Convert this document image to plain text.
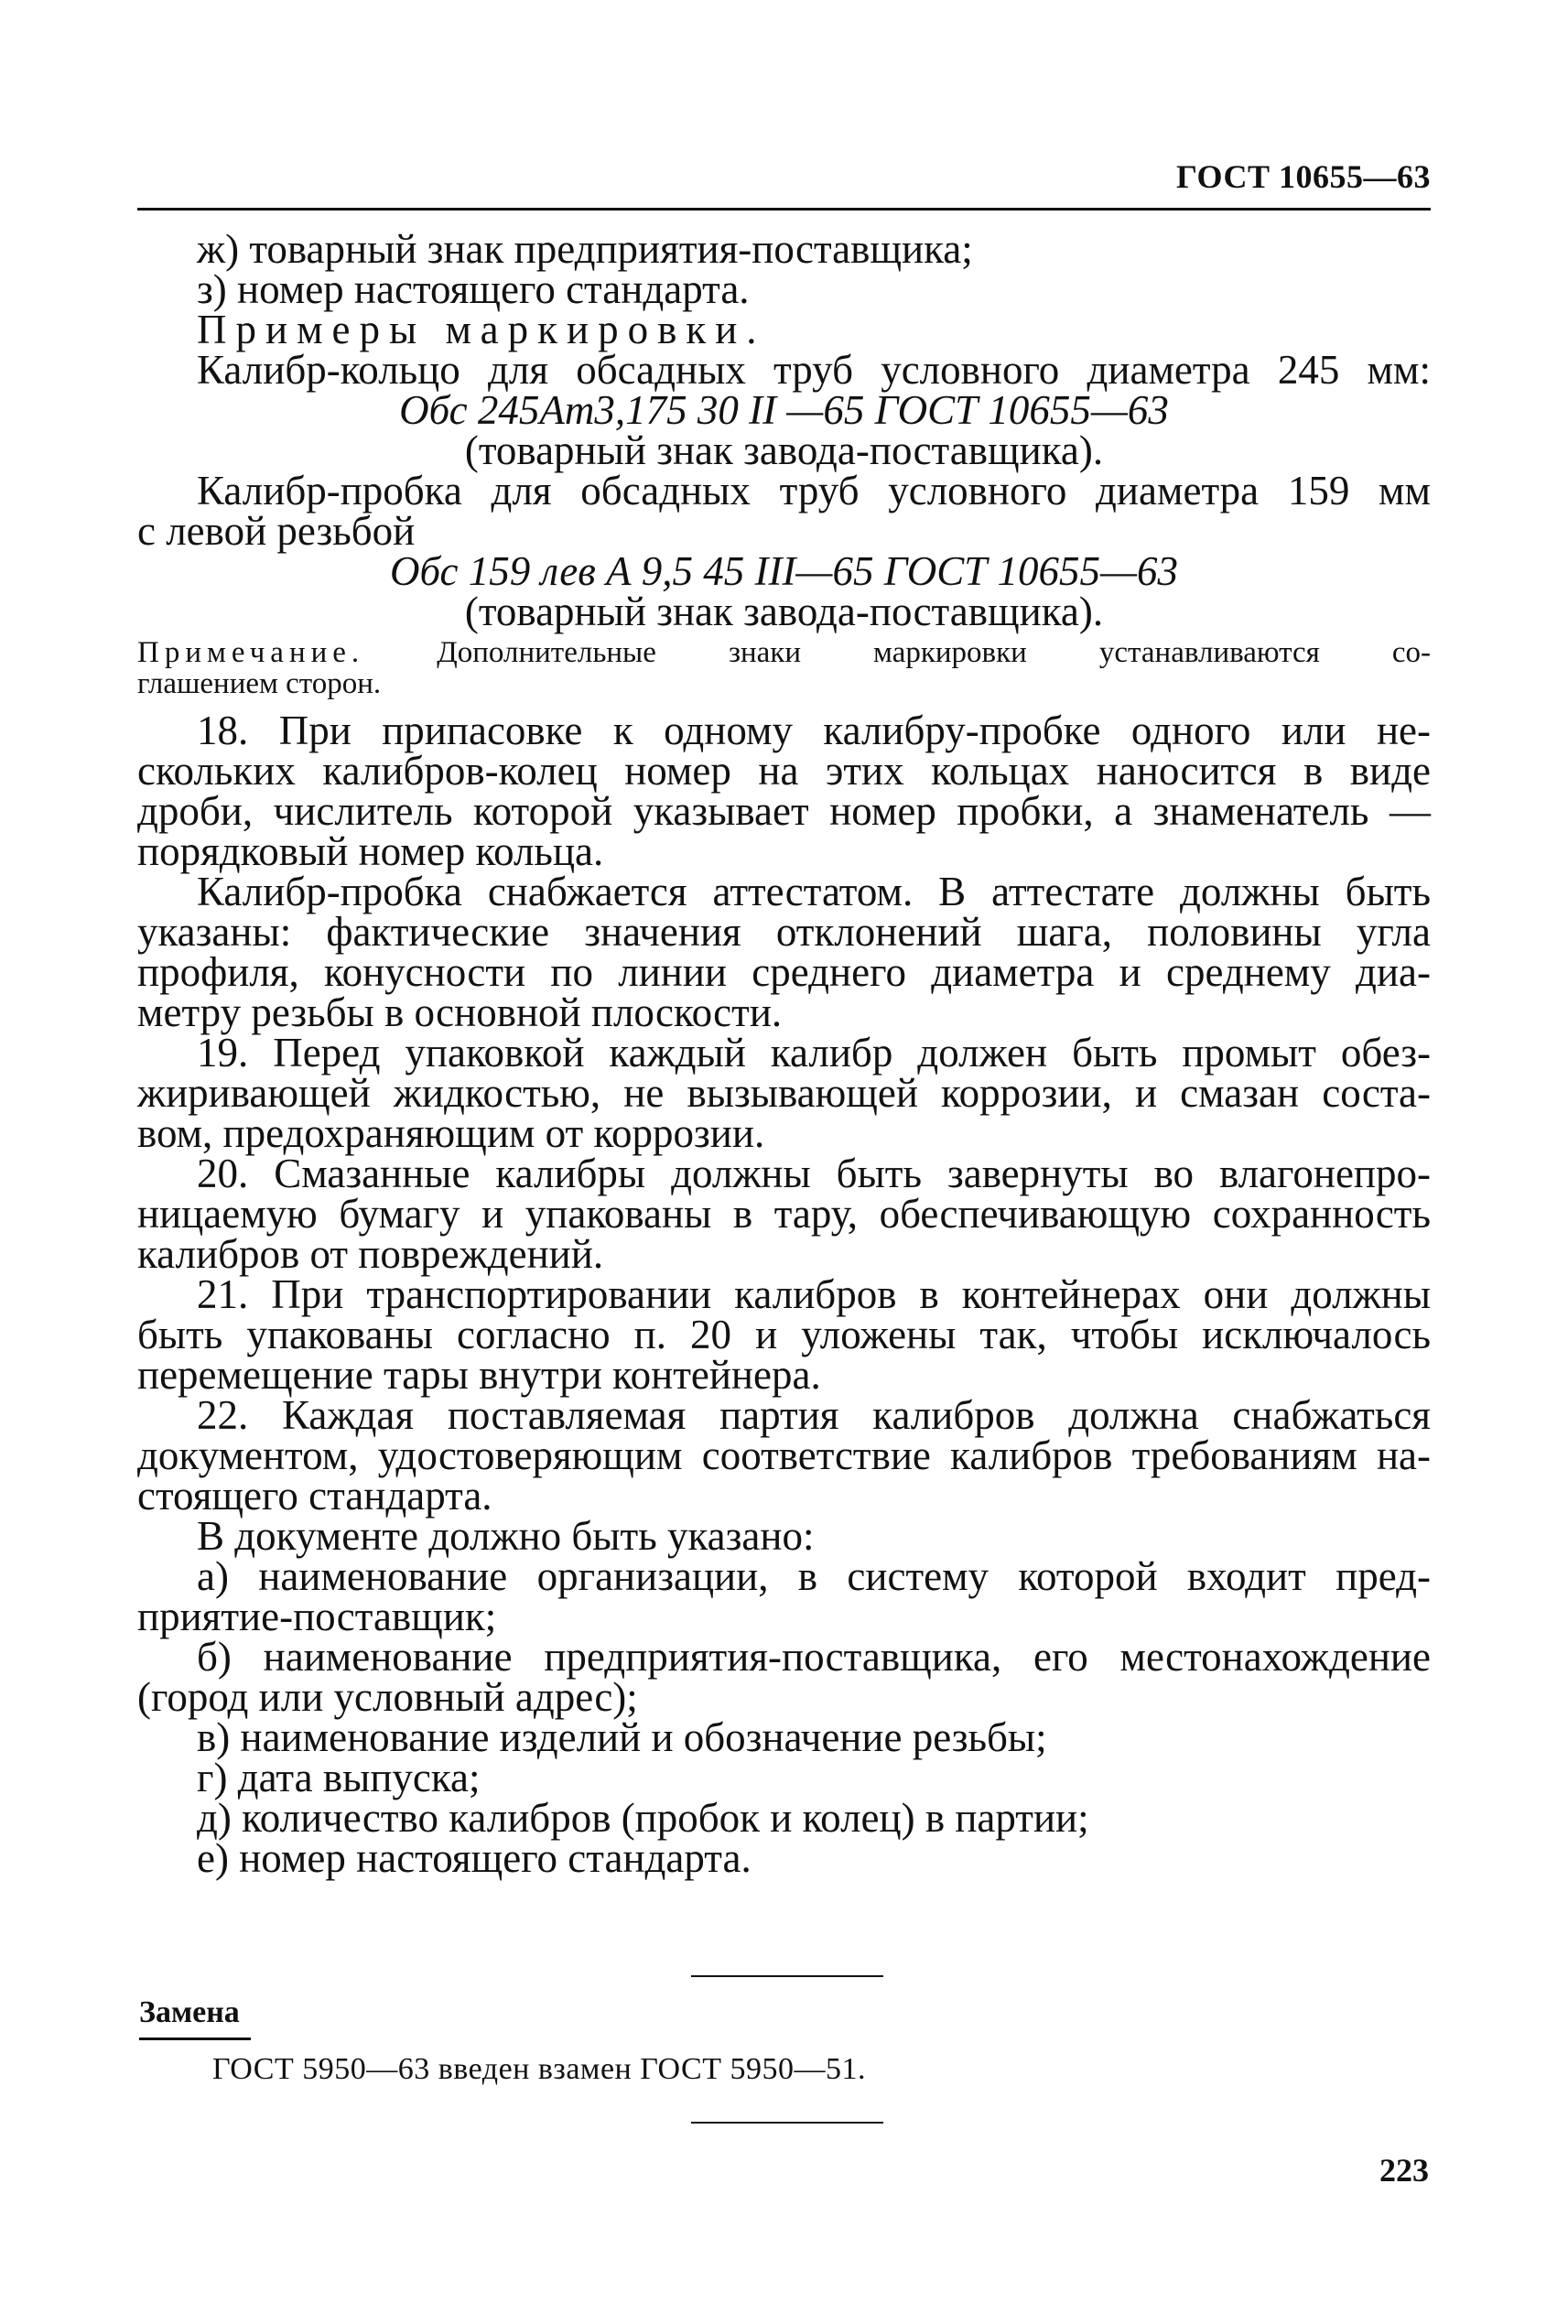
ГОСТ 10655—63
ж) товарный знак предприятия-поставщика;
з) номер настоящего стандарта.
Примеры маркировки.
Калибр-кольцо для обсадных труб условного диаметра 245 мм:
Обс 245Aт3,175 30 II —65 ГОСТ 10655—63
(товарный знак завода-поставщика).
Калибр-пробка для обсадных труб условного диаметра 159 мм
с левой резьбой
Обс 159 лев А 9,5 45 III—65 ГОСТ 10655—63
(товарный знак завода-поставщика).
Примечание. Дополнительные знаки маркировки устанавливаются со-
глашением сторон.
18. При припасовке к одному калибру-пробке одного или не-
скольких калибров-колец номер на этих кольцах наносится в виде
дроби, числитель которой указывает номер пробки, а знаменатель —
порядковый номер кольца.
Калибр-пробка снабжается аттестатом. В аттестате должны быть
указаны: фактические значения отклонений шага, половины угла
профиля, конусности по линии среднего диаметра и среднему диа-
метру резьбы в основной плоскости.
19. Перед упаковкой каждый калибр должен быть промыт обез-
жиривающей жидкостью, не вызывающей коррозии, и смазан соста-
вом, предохраняющим от коррозии.
20. Смазанные калибры должны быть завернуты во влагонепро-
ницаемую бумагу и упакованы в тару, обеспечивающую сохранность
калибров от повреждений.
21. При транспортировании калибров в контейнерах они должны
быть упакованы согласно п. 20 и уложены так, чтобы исключалось
перемещение тары внутри контейнера.
22. Каждая поставляемая партия калибров должна снабжаться
документом, удостоверяющим соответствие калибров требованиям на-
стоящего стандарта.
В документе должно быть указано:
а) наименование организации, в систему которой входит пред-
приятие-поставщик;
б) наименование предприятия-поставщика, его местонахождение
(город или условный адрес);
в) наименование изделий и обозначение резьбы;
г) дата выпуска;
д) количество калибров (пробок и колец) в партии;
е) номер настоящего стандарта.
Замена
ГОСТ 5950—63 введен взамен ГОСТ 5950—51.
223
